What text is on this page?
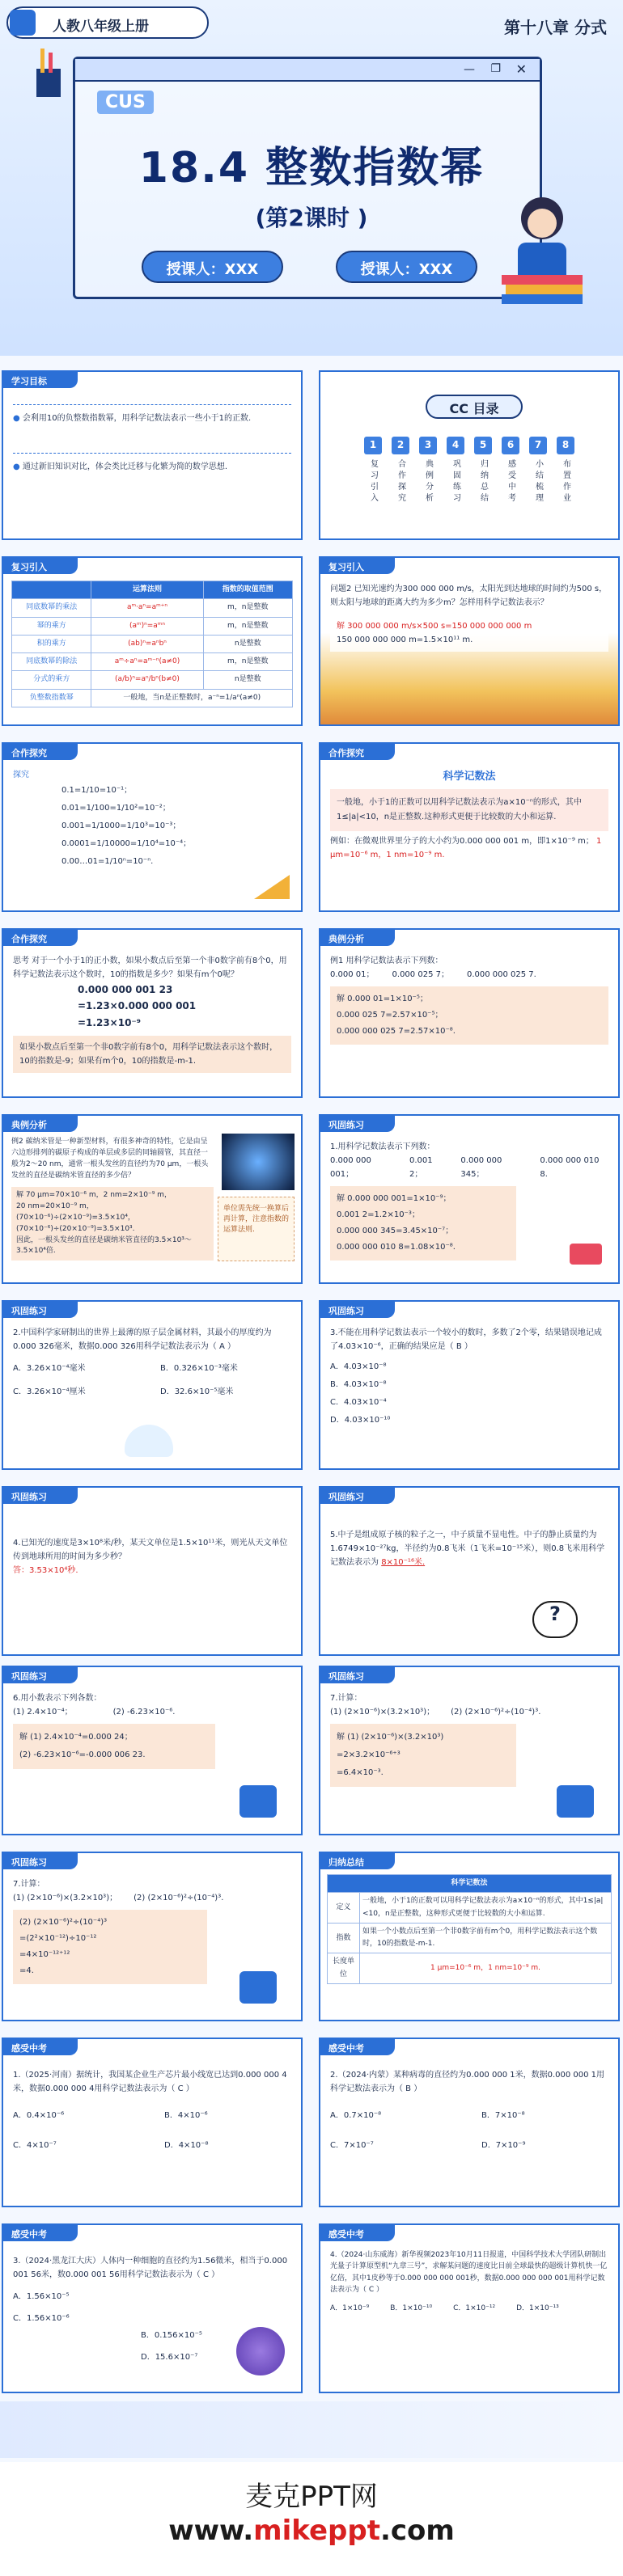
人教八年级上册	第十八章 分式
— ❐ ✕
CUS
18.4 整数指数幂
(第2课时 )
授课人：XXX	授课人：XXX
学习目标
● 会利用10的负整数指数幂，用科学记数法表示一些小于1的正数.
● 通过新旧知识对比，体会类比迁移与化繁为简的数学思想.
CC 目录
1
复习引入
2
合作探究
3
典例分析
4
巩固练习
5
归纳总结
6
感受中考
7
小结梳理
8
布置作业
复习引入
	运算法则	指数的取值范围
同底数幂的乘法	aᵐ·aⁿ=aᵐ⁺ⁿ	m，n是整数
幂的乘方	(aᵐ)ⁿ=aᵐⁿ	m，n是整数
积的乘方	(ab)ⁿ=aⁿbⁿ	n是整数
同底数幂的除法	aᵐ÷aⁿ=aᵐ⁻ⁿ(a≠0)	m，n是整数
分式的乘方	(a/b)ⁿ=aⁿ/bⁿ(b≠0)	n是整数
负整数指数幂	一般地，当n是正整数时，a⁻ⁿ=1/aⁿ(a≠0)	
复习引入
问题2 已知光速约为300 000 000 m/s，太阳光到达地球的时间约为500 s，则太阳与地球的距离大约为多少m？怎样用科学记数法表示？
解 300 000 000 m/s×500 s=150 000 000 000 m
150 000 000 000 m=1.5×10¹¹ m.
合作探究
探究
0.1=1/10=10⁻¹；
0.01=1/100=1/10²=10⁻²；
0.001=1/1000=1/10³=10⁻³；
0.0001=1/10000=1/10⁴=10⁻⁴；
0.00…01=1/10ⁿ=10⁻ⁿ.
合作探究
科学记数法
一般地，小于1的正数可以用科学记数法表示为a×10⁻ⁿ的形式，其中1≤|a|<10，n是正整数.这种形式更便于比较数的大小和运算.
例如：在微观世界里分子的大小约为0.000 000 001 m，即1×10⁻⁹ m； 1 μm=10⁻⁶ m，1 nm=10⁻⁹ m.
合作探究
思考 对于一个小于1的正小数，如果小数点后至第一个非0数字前有8个0，用科学记数法表示这个数时，10的指数是多少？如果有m个0呢？
0.000 000 001 23
=1.23×0.000 000 001
=1.23×10⁻⁹
如果小数点后至第一个非0数字前有8个0，用科学记数法表示这个数时，10的指数是-9；如果有m个0，10的指数是-m-1.
典例分析
例1 用科学记数法表示下列数：
0.000 01； 0.000 025 7； 0.000 000 025 7.
解 0.000 01=1×10⁻⁵；
0.000 025 7=2.57×10⁻⁵；
0.000 000 025 7=2.57×10⁻⁸.
典例分析
例2 碳纳米管是一种新型材料，有很多神奇的特性，它是由呈六边形排列的碳原子构成的单层或多层的同轴圆管，其直径一般为2～20 nm，通常一根头发丝的直径约为70 μm，一根头发丝的直径是碳纳米管直径的多少倍？
解 70 μm=70×10⁻⁶ m，2 nm=2×10⁻⁹ m，
20 nm=20×10⁻⁹ m，
(70×10⁻⁶)÷(2×10⁻⁹)=3.5×10⁴，
(70×10⁻⁶)÷(20×10⁻⁹)=3.5×10³.
因此，一根头发丝的直径是碳纳米管直径的3.5×10³～3.5×10⁴倍.
单位需先统一换算后再计算，注意指数的运算法则.
巩固练习
1.用科学记数法表示下列数：
0.000 000 001；
0.001 2；
0.000 000 345；
0.000 000 010 8.
解 0.000 000 001=1×10⁻⁹；
0.001 2=1.2×10⁻³；
0.000 000 345=3.45×10⁻⁷；
0.000 000 010 8=1.08×10⁻⁸.
巩固练习
2.中国科学家研制出的世界上最薄的原子层金属材料，其最小的厚度约为0.000 326毫米，数据0.000 326用科学记数法表示为（ A ）
A．3.26×10⁻⁴毫米	B．0.326×10⁻³毫米
C．3.26×10⁻⁴厘米	D．32.6×10⁻⁵毫米
巩固练习
3.不能在用科学记数法表示一个较小的数时，多数了2个零，结果错误地记成了4.03×10⁻⁶，正确的结果应是（ B ）
A．4.03×10⁻⁸
B．4.03×10⁻⁸
C．4.03×10⁻⁴
D．4.03×10⁻¹⁰
巩固练习
4.已知光的速度是3×10⁸米/秒，某天文单位是1.5×10¹¹米，则光从天文单位传到地球所用的时间为多少秒？
答：3.53×10⁴秒.
巩固练习
5.中子是组成原子核的粒子之一，中子质量不显电性。中子的静止质量约为1.6749×10⁻²⁷kg，半径约为0.8飞米（1飞米=10⁻¹⁵米），则0.8飞米用科学记数法表示为 8×10⁻¹⁶米.
?
巩固练习
6.用小数表示下列各数：
(1) 2.4×10⁻⁴；	(2) -6.23×10⁻⁶.
解 (1) 2.4×10⁻⁴=0.000 24；
(2) -6.23×10⁻⁶=-0.000 006 23.
巩固练习
7.计算：
(1) (2×10⁻⁶)×(3.2×10³)； (2) (2×10⁻⁶)²÷(10⁻⁴)³.
解 (1) (2×10⁻⁶)×(3.2×10³)
=2×3.2×10⁻⁶⁺³
=6.4×10⁻³.
巩固练习
7.计算：
(1) (2×10⁻⁶)×(3.2×10³)； (2) (2×10⁻⁶)²÷(10⁻⁴)³.
(2) (2×10⁻⁶)²÷(10⁻⁴)³
=(2²×10⁻¹²)÷10⁻¹²
=4×10⁻¹²⁺¹²
=4.
归纳总结
科学记数法	
定义	一般地，小于1的正数可以用科学记数法表示为a×10⁻ⁿ的形式，其中1≤|a|<10，n是正整数，这种形式更便于比较数的大小和运算.
指数	如果一个小数点后至第一个非0数字前有m个0，用科学记数法表示这个数时，10的指数是-m-1.
长度单位	1 μm=10⁻⁶ m，1 nm=10⁻⁹ m.
感受中考
1.（2025·河南）据统计，我国某企业生产芯片最小线宽已达到0.000 000 4米，数据0.000 000 4用科学记数法表示为（ C ）
A．0.4×10⁻⁶	B．4×10⁻⁶
C．4×10⁻⁷	D．4×10⁻⁸
感受中考
2.（2024·内蒙）某种病毒的直径约为0.000 000 1米，数据0.000 000 1用科学记数法表示为（ B ）
A．0.7×10⁻⁸	B．7×10⁻⁸
C．7×10⁻⁷	D．7×10⁻⁹
感受中考
3.（2024·黑龙江大庆）人体内一种细胞的直径约为1.56微米，相当于0.000 001 56米，数0.000 001 56用科学记数法表示为（ C ）
A．1.56×10⁻⁵
C．1.56×10⁻⁶
B．0.156×10⁻⁵
D．15.6×10⁻⁷
感受中考
4.（2024·山东威海）新华视频2023年10月11日报道，中国科学技术大学团队研制出光量子计算原型机“九章三号”，求解某问题的速度比目前全球最快的超级计算机快一亿亿倍，其中1皮秒等于0.000 000 000 001秒，数据0.000 000 000 001用科学记数法表示为（ C ）
A．1×10⁻⁹	B．1×10⁻¹⁰	C．1×10⁻¹²	D．1×10⁻¹³
麦克PPT网
www.mikeppt.com
